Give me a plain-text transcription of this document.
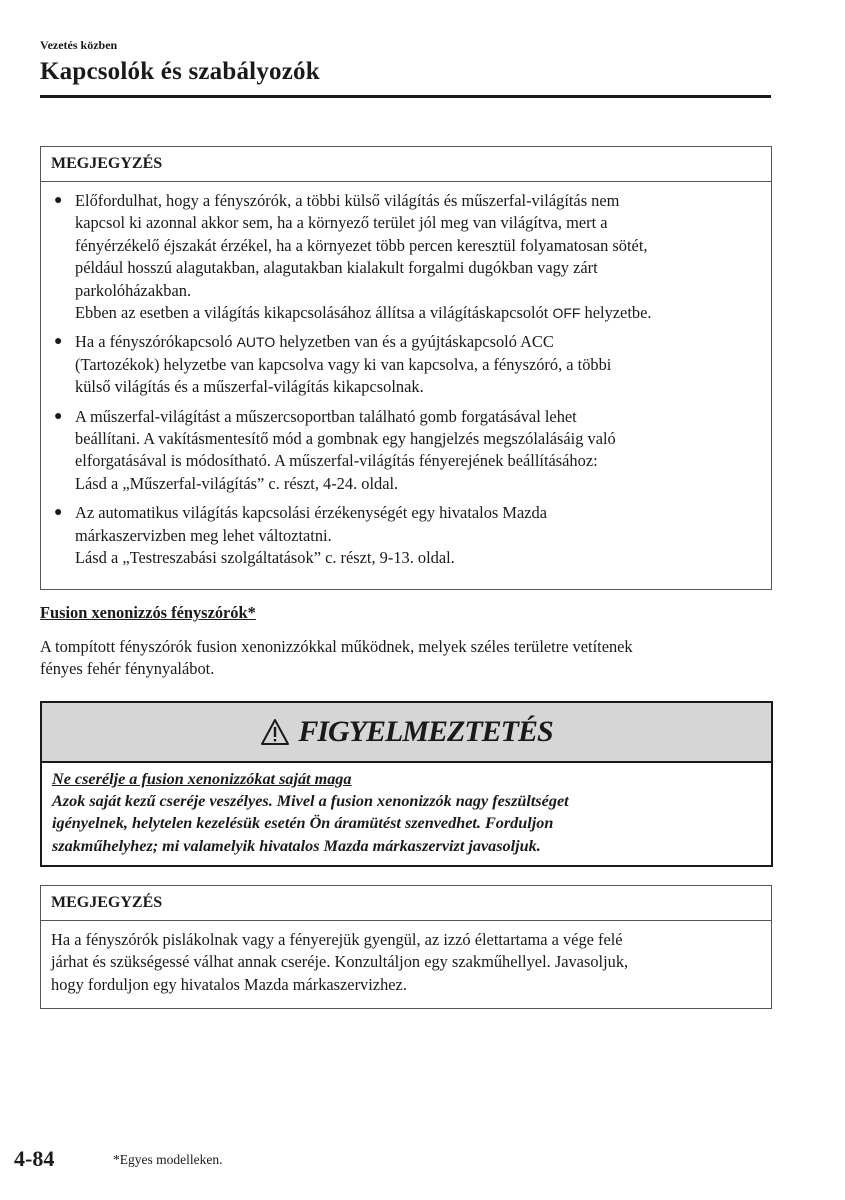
Vezetés közben
Kapcsolók és szabályozók
MEGJEGYZÉS
● Előfordulhat, hogy a fényszórók, a többi külső világítás és műszerfal-világítás nem
kapcsol ki azonnal akkor sem, ha a környező terület jól meg van világítva, mert a
fényérzékelő éjszakát érzékel, ha a környezet több percen keresztül folyamatosan sötét,
például hosszú alagutakban, alagutakban kialakult forgalmi dugókban vagy zárt
parkolóházakban.
Ebben az esetben a világítás kikapcsolásához állítsa a világításkapcsolót OFF helyzetbe.
● Ha a fényszórókapcsoló AUTO helyzetben van és a gyújtáskapcsoló ACC
(Tartozékok) helyzetbe van kapcsolva vagy ki van kapcsolva, a fényszóró, a többi
külső világítás és a műszerfal-világítás kikapcsolnak.
● A műszerfal-világítást a műszercsoportban található gomb forgatásával lehet
beállítani. A vakításmentesítő mód a gombnak egy hangjelzés megszólalásáig való
elforgatásával is módosítható. A műszerfal-világítás fényerejének beállításához:
Lásd a „Műszerfal-világítás” c. részt, 4-24. oldal.
● Az automatikus világítás kapcsolási érzékenységét egy hivatalos Mazda
márkaszervizben meg lehet változtatni.
Lásd a „Testreszabási szolgáltatások” c. részt, 9-13. oldal.
Fusion xenonizzós fényszórók*
A tompított fényszórók fusion xenonizzókkal működnek, melyek széles területre vetítenek
fényes fehér fénynyalábot.
FIGYELMEZTETÉS
Ne cserélje a fusion xenonizzókat saját maga
Azok saját kezű cseréje veszélyes. Mivel a fusion xenonizzók nagy feszültséget
igényelnek, helytelen kezelésük esetén Ön áramütést szenvedhet. Forduljon
szakműhelyhez; mi valamelyik hivatalos Mazda márkaszervizt javasoljuk.
MEGJEGYZÉS
Ha a fényszórók pislákolnak vagy a fényerejük gyengül, az izzó élettartama a vége felé
járhat és szükségessé válhat annak cseréje. Konzultáljon egy szakműhellyel. Javasoljuk,
hogy forduljon egy hivatalos Mazda márkaszervizhez.
4-84	*Egyes modelleken.
